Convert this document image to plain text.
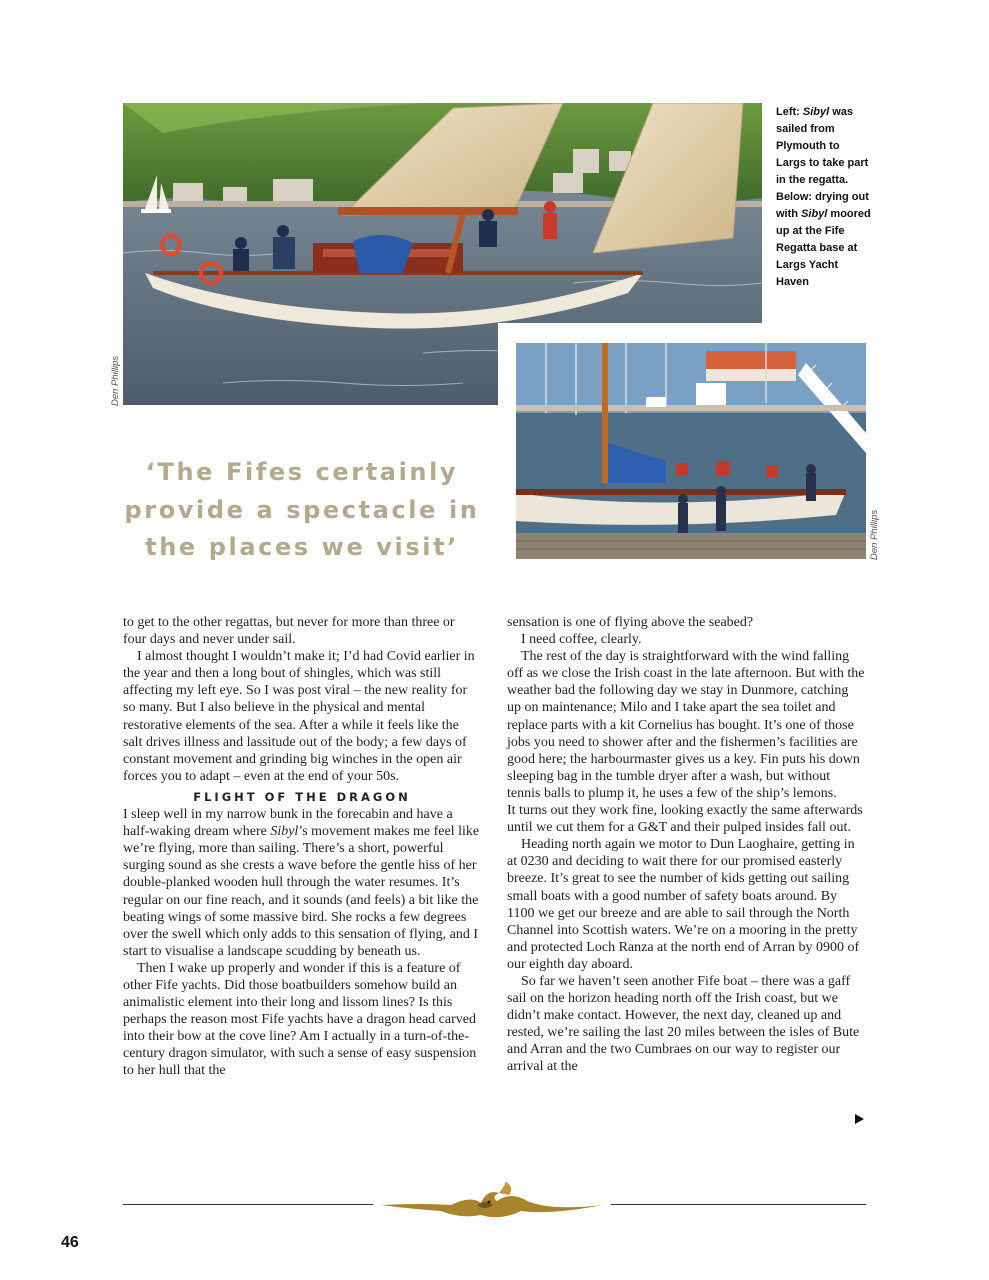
Den Phillips

Left: Sibyl was sailed from Plymouth to Largs to take part in the regatta.

Below: drying out with Sibyl moored up at the Fife Regatta base at Largs Yacht Haven

Den Phillips

‘The Fifes certainly provide a spectacle in the places we visit’

to get to the other regattas, but never for more than three or four days and never under sail.

I almost thought I wouldn’t make it; I’d had Covid earlier in the year and then a long bout of shingles, which was still affecting my left eye. So I was post viral – the new reality for so many. But I also believe in the physical and mental restorative elements of the sea. After a while it feels like the salt drives illness and lassitude out of the body; a few days of constant movement and grinding big winches in the open air forces you to adapt – even at the end of your 50s.

FLIGHT OF THE DRAGON

I sleep well in my narrow bunk in the forecabin and have a half-waking dream where Sibyl’s movement makes me feel like we’re flying, more than sailing. There’s a short, powerful surging sound as she crests a wave before the gentle hiss of her double-planked wooden hull through the water resumes. It’s regular on our fine reach, and it sounds (and feels) a bit like the beating wings of some massive bird. She rocks a few degrees over the swell which only adds to this sensation of flying, and I start to visualise a landscape scudding by beneath us.

Then I wake up properly and wonder if this is a feature of other Fife yachts. Did those boatbuilders somehow build an animalistic element into their long and lissom lines? Is this perhaps the reason most Fife yachts have a dragon head carved into their bow at the cove line? Am I actually in a turn-of-the-century dragon simulator, with such a sense of easy suspension to her hull that the

sensation is one of flying above the seabed?

I need coffee, clearly.

The rest of the day is straightforward with the wind falling off as we close the Irish coast in the late afternoon. But with the weather bad the following day we stay in Dunmore, catching up on maintenance; Milo and I take apart the sea toilet and replace parts with a kit Cornelius has bought. It’s one of those jobs you need to shower after and the fishermen’s facilities are good here; the harbourmaster gives us a key. Fin puts his down sleeping bag in the tumble dryer after a wash, but without tennis balls to plump it, he uses a few of the ship’s lemons.

It turns out they work fine, looking exactly the same afterwards until we cut them for a G&T and their pulped insides fall out.

Heading north again we motor to Dun Laoghaire, getting in at 0230 and deciding to wait there for our promised easterly breeze. It’s great to see the number of kids getting out sailing small boats with a good number of safety boats around. By 1100 we get our breeze and are able to sail through the North Channel into Scottish waters. We’re on a mooring in the pretty and protected Loch Ranza at the north end of Arran by 0900 of our eighth day aboard.

So far we haven’t seen another Fife boat – there was a gaff sail on the horizon heading north off the Irish coast, but we didn’t make contact. However, the next day, cleaned up and rested, we’re sailing the last 20 miles between the isles of Bute and Arran and the two Cumbraes on our way to register our arrival at the

46
